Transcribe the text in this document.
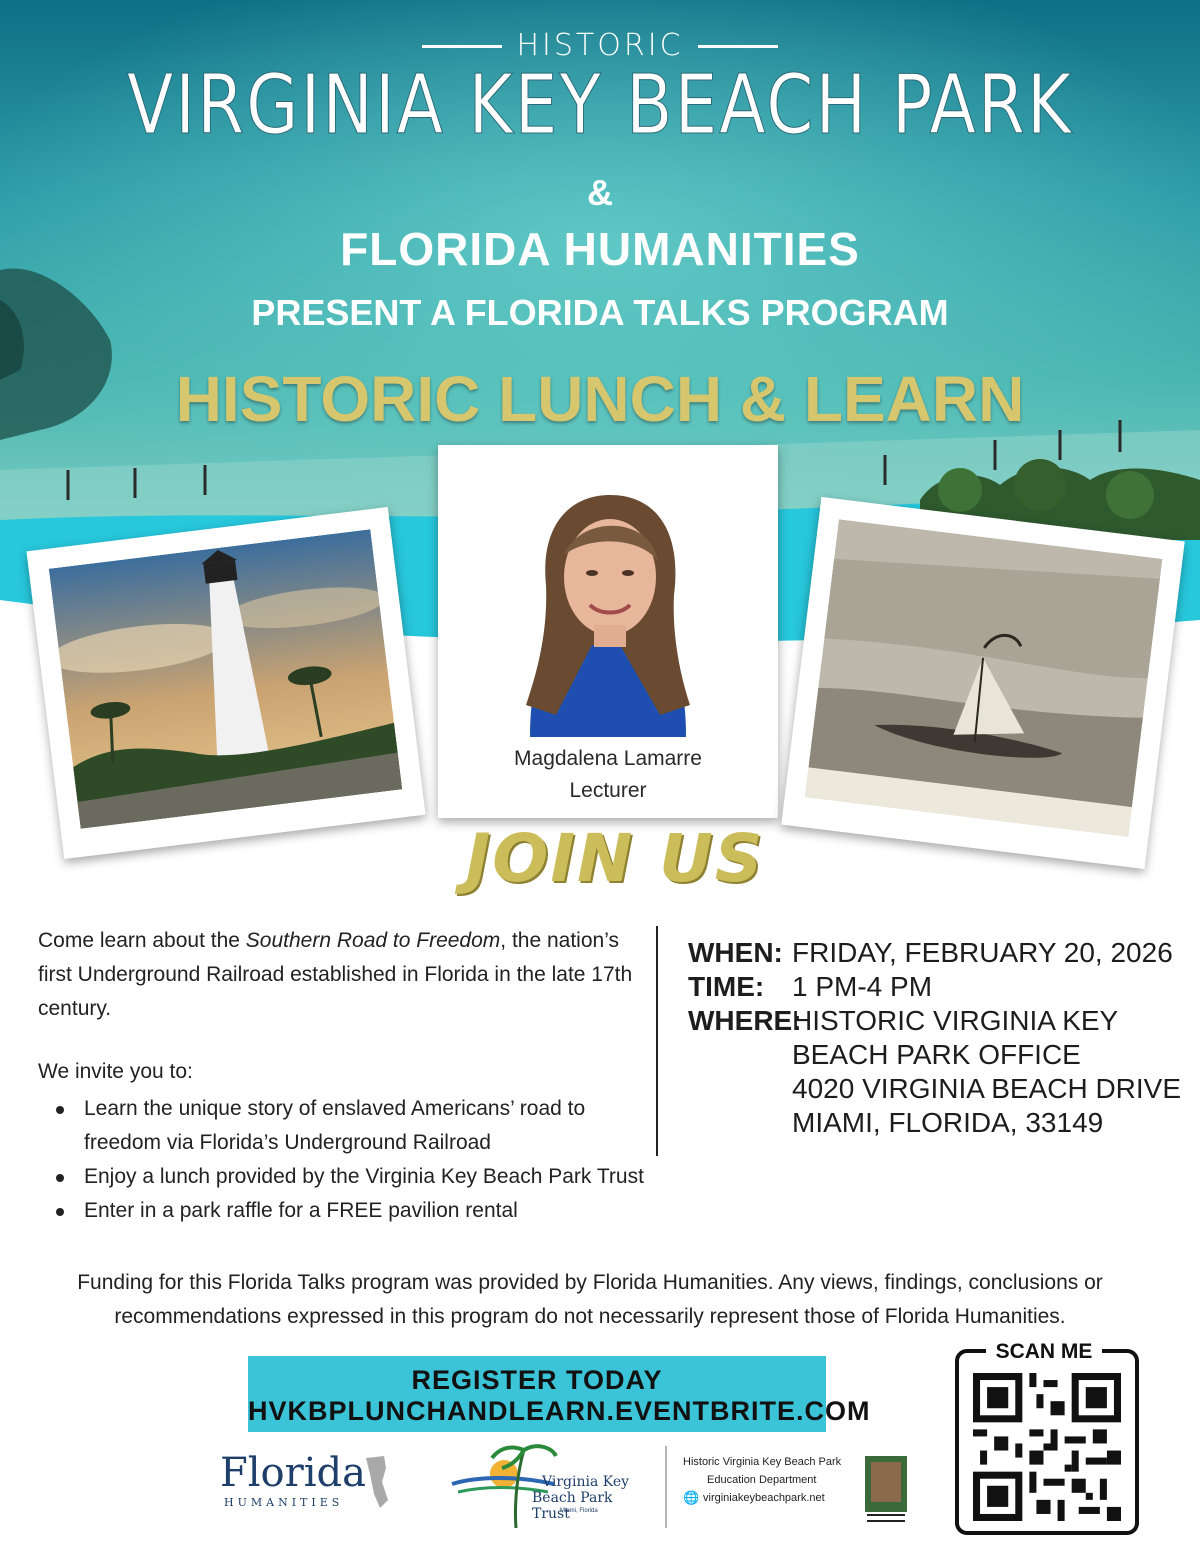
HISTORIC
VIRGINIA KEY BEACH PARK
&
FLORIDA HUMANITIES
PRESENT A FLORIDA TALKS PROGRAM
HISTORIC LUNCH & LEARN
Magdalena Lamarre
Lecturer
JOIN US
Come learn about the Southern Road to Freedom, the nation’s first Underground Railroad established in Florida in the late 17th century.
We invite you to:
Learn the unique story of enslaved Americans’ road to freedom via Florida’s Underground Railroad
Enjoy a lunch provided by the Virginia Key Beach Park Trust
Enter in a park raffle for a FREE pavilion rental
WHEN: FRIDAY, FEBRUARY 20, 2026
TIME: 1 PM-4 PM
WHERE:
HISTORIC VIRGINIA KEY
BEACH PARK OFFICE
4020 VIRGINIA BEACH DRIVE
MIAMI, FLORIDA, 33149
Funding for this Florida Talks program was provided by Florida Humanities. Any views, findings, conclusions or
recommendations expressed in this program do not necessarily represent those of Florida Humanities.
REGISTER TODAY
HVKBPLUNCHANDLEARN.EVENTBRITE.COM
Florida
HUMANITIES
Virginia Key
Beach Park Trust
Miami, Florida
Historic Virginia Key Beach Park
Education Department
🌐 virginiakeybeachpark.net
SCAN ME
